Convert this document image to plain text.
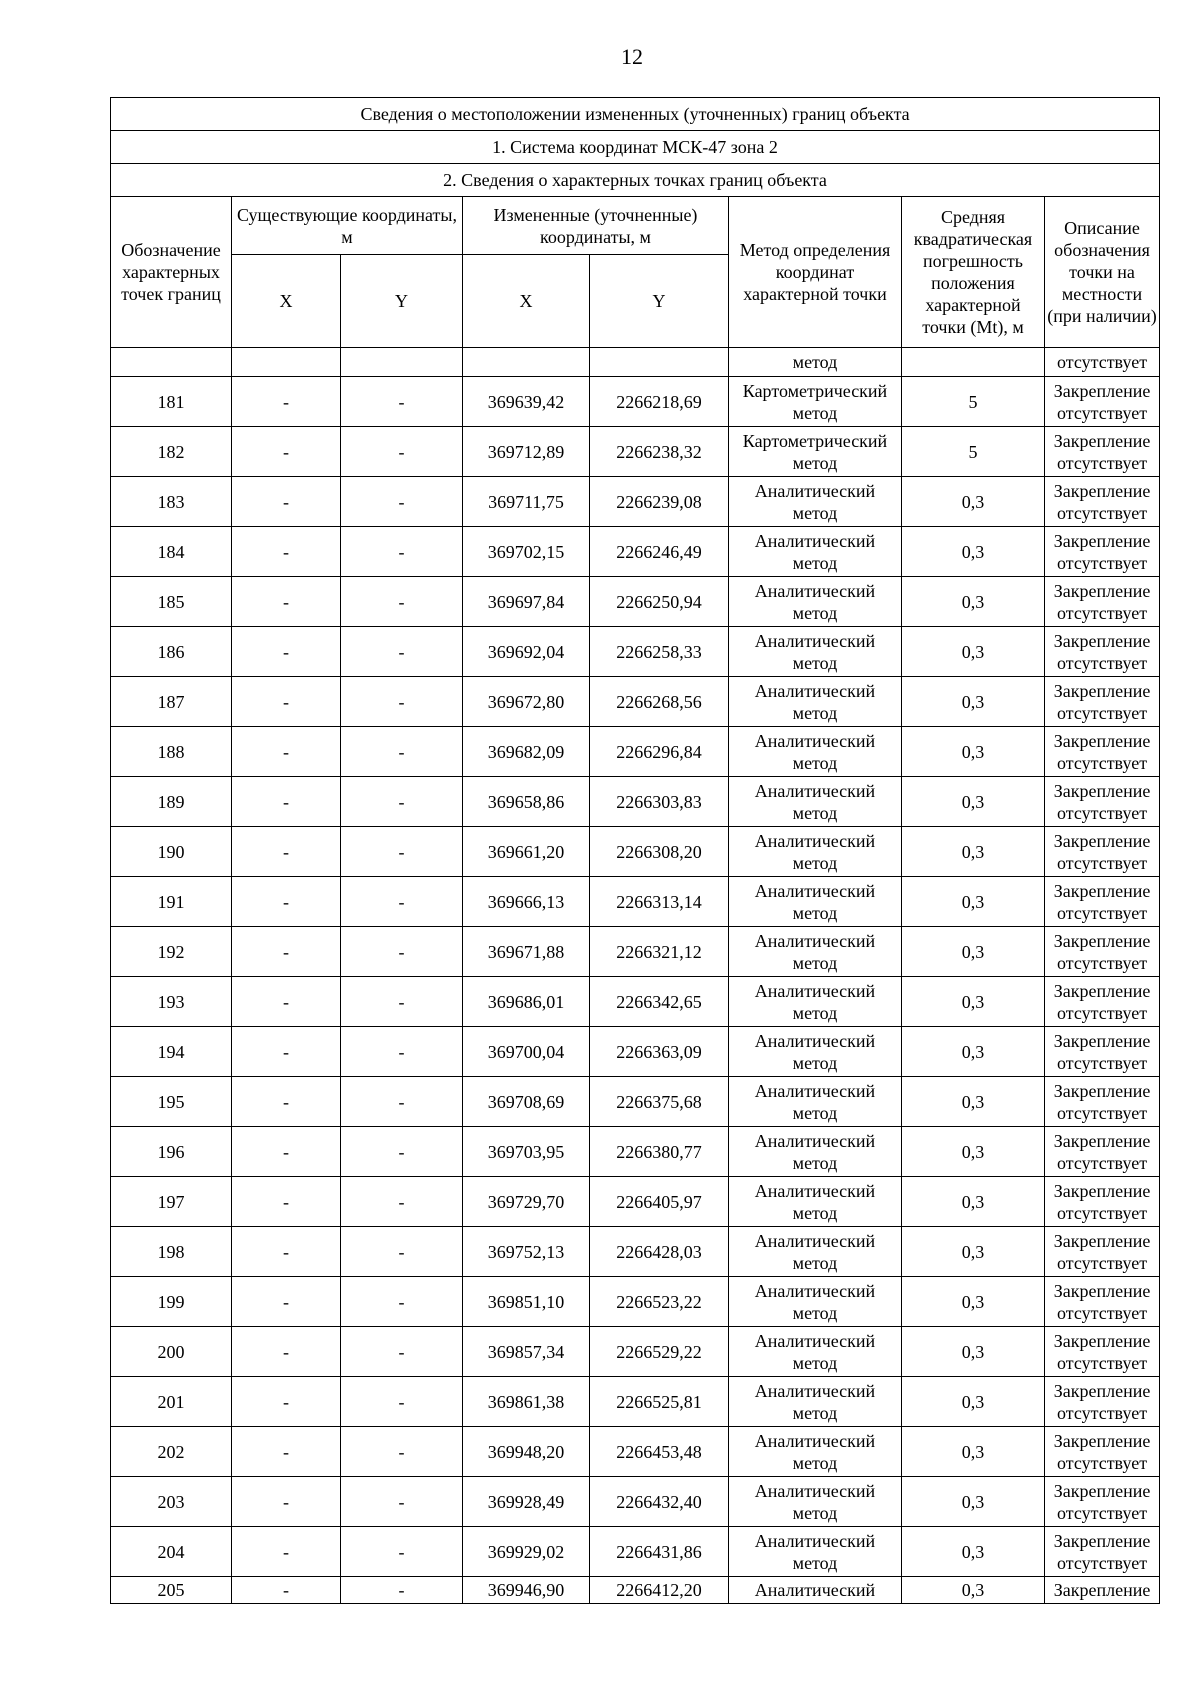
12
Сведения о местоположении измененных (уточненных) границ объекта							
1. Система координат МСК-47 зона 2							
2. Сведения о характерных точках границ объекта							
Обозначение характерных точек границ	Существующие координаты, м		Измененные (уточненные) координаты, м		Метод определения координат характерной точки	Средняя квадратическая погрешность положения характерной точки (Mt), м	Описание обозначения точки на местности (при наличии)
	X	Y	X	Y			
					метод		отсутствует
181	-	-	369639,42	2266218,69	Картометрический метод	5	Закрепление отсутствует
182	-	-	369712,89	2266238,32	Картометрический метод	5	Закрепление отсутствует
183	-	-	369711,75	2266239,08	Аналитический метод	0,3	Закрепление отсутствует
184	-	-	369702,15	2266246,49	Аналитический метод	0,3	Закрепление отсутствует
185	-	-	369697,84	2266250,94	Аналитический метод	0,3	Закрепление отсутствует
186	-	-	369692,04	2266258,33	Аналитический метод	0,3	Закрепление отсутствует
187	-	-	369672,80	2266268,56	Аналитический метод	0,3	Закрепление отсутствует
188	-	-	369682,09	2266296,84	Аналитический метод	0,3	Закрепление отсутствует
189	-	-	369658,86	2266303,83	Аналитический метод	0,3	Закрепление отсутствует
190	-	-	369661,20	2266308,20	Аналитический метод	0,3	Закрепление отсутствует
191	-	-	369666,13	2266313,14	Аналитический метод	0,3	Закрепление отсутствует
192	-	-	369671,88	2266321,12	Аналитический метод	0,3	Закрепление отсутствует
193	-	-	369686,01	2266342,65	Аналитический метод	0,3	Закрепление отсутствует
194	-	-	369700,04	2266363,09	Аналитический метод	0,3	Закрепление отсутствует
195	-	-	369708,69	2266375,68	Аналитический метод	0,3	Закрепление отсутствует
196	-	-	369703,95	2266380,77	Аналитический метод	0,3	Закрепление отсутствует
197	-	-	369729,70	2266405,97	Аналитический метод	0,3	Закрепление отсутствует
198	-	-	369752,13	2266428,03	Аналитический метод	0,3	Закрепление отсутствует
199	-	-	369851,10	2266523,22	Аналитический метод	0,3	Закрепление отсутствует
200	-	-	369857,34	2266529,22	Аналитический метод	0,3	Закрепление отсутствует
201	-	-	369861,38	2266525,81	Аналитический метод	0,3	Закрепление отсутствует
202	-	-	369948,20	2266453,48	Аналитический метод	0,3	Закрепление отсутствует
203	-	-	369928,49	2266432,40	Аналитический метод	0,3	Закрепление отсутствует
204	-	-	369929,02	2266431,86	Аналитический метод	0,3	Закрепление отсутствует
205	-	-	369946,90	2266412,20	Аналитический	0,3	Закрепление
